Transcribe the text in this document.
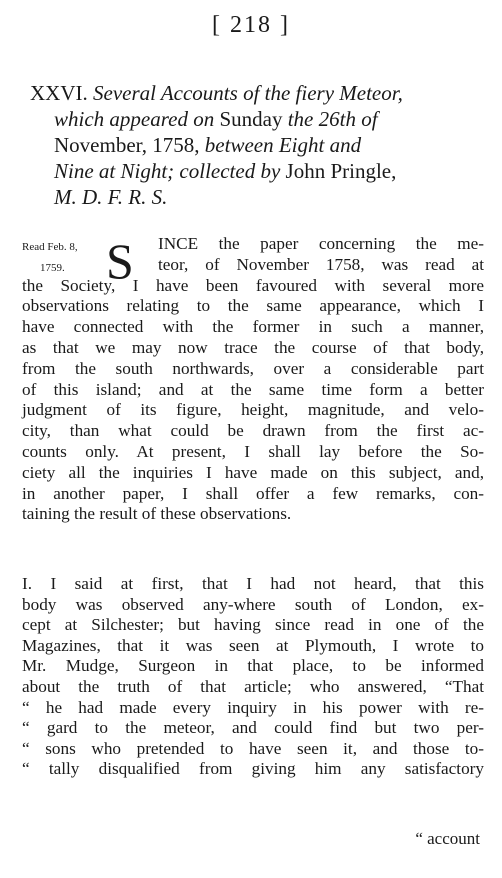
[ 218 ]
XXVI. Several Accounts of the fiery Meteor,
which appeared on Sunday the 26th of
November, 1758, between Eight and
Nine at Night; collected by John Pringle,
M. D. F. R. S.
Read Feb. 8,
1759. S	INCE the paper concerning the me-
teor, of November 1758, was read at
the Society, I have been favoured with several more
observations relating to the same appearance, which I
have connected with the former in such a manner,
as that we may now trace the course of that body,
from the south northwards, over a considerable part
of this island; and at the same time form a better
judgment of its figure, height, magnitude, and velo-
city, than what could be drawn from the first ac-
counts only. At present, I shall lay before the So-
ciety all the inquiries I have made on this subject, and,
in another paper, I shall offer a few remarks, con-
taining the result of these observations.
I. I said at first, that I had not heard, that this
body was observed any-where south of London, ex-
cept at Silchester; but having since read in one of the
Magazines, that it was seen at Plymouth, I wrote to
Mr. Mudge, Surgeon in that place, to be informed
about the truth of that article; who answered, “That
“ he had made every inquiry in his power with re-
“ gard to the meteor, and could find but two per-
“ sons who pretended to have seen it, and those to-
“ tally disqualified from giving him any satisfactory
“ account
